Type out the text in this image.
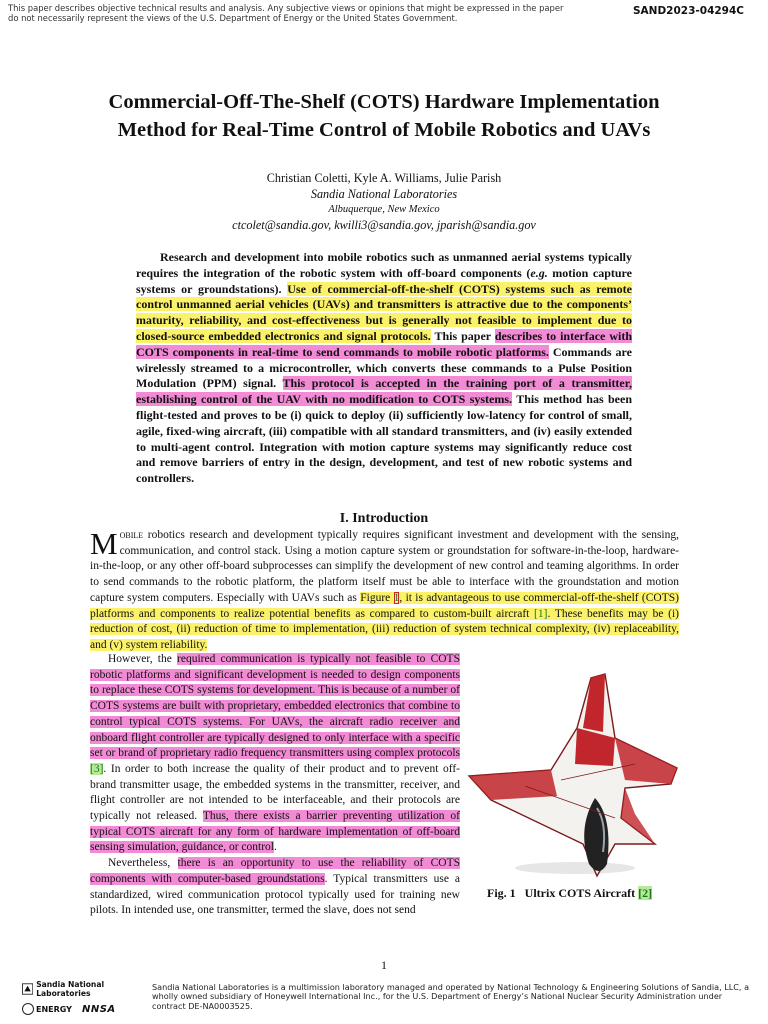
This paper describes objective technical results and analysis. Any subjective views or opinions that might be expressed in the paper do not necessarily represent the views of the U.S. Department of Energy or the United States Government.
SAND2023-04294C
Commercial-Off-The-Shelf (COTS) Hardware Implementation
Method for Real-Time Control of Mobile Robotics and UAVs
Christian Coletti, Kyle A. Williams, Julie Parish
Sandia National Laboratories
Albuquerque, New Mexico
ctcolet@sandia.gov, kwilli3@sandia.gov, jparish@sandia.gov
Research and development into mobile robotics such as unmanned aerial systems typically requires the integration of the robotic system with off-board components (e.g. motion capture systems or groundstations). Use of commercial-off-the-shelf (COTS) systems such as remote control unmanned aerial vehicles (UAVs) and transmitters is attractive due to the components’ maturity, reliability, and cost-effectiveness but is generally not feasible to implement due to closed-source embedded electronics and signal protocols. This paper describes to interface with COTS components in real-time to send commands to mobile robotic platforms. Commands are wirelessly streamed to a microcontroller, which converts these commands to a Pulse Position Modulation (PPM) signal. This protocol is accepted in the training port of a transmitter, establishing control of the UAV with no modification to COTS systems. This method has been flight-tested and proves to be (i) quick to deploy (ii) sufficiently low-latency for control of small, agile, fixed-wing aircraft, (iii) compatible with all standard transmitters, and (iv) easily extended to multi-agent control. Integration with motion capture systems may significantly reduce cost and remove barriers of entry in the design, development, and test of new robotic systems and controllers.
I. Introduction
Mobile robotics research and development typically requires significant investment and development with the sensing, communication, and control stack. Using a motion capture system or groundstation for software-in-the-loop, hardware-in-the-loop, or any other off-board subprocesses can simplify the development of new control and teaming algorithms. In order to send commands to the robotic platform, the platform itself must be able to interface with the groundstation and motion capture system computers. Especially with UAVs such as Figure 1, it is advantageous to use commercial-off-the-shelf (COTS) platforms and components to realize potential benefits as compared to custom-built aircraft [1]. These benefits may be (i) reduction of cost, (ii) reduction of time to implementation, (iii) reduction of system technical complexity, (iv) replaceability, and (v) system reliability.

However, the required communication is typically not feasible to COTS robotic platforms and significant development is needed to design components to replace these COTS systems for development. This is because of a number of COTS systems are built with proprietary, embedded electronics that combine to control typical COTS systems. For UAVs, the aircraft radio receiver and onboard flight controller are typically designed to only interface with a specific set or brand of proprietary radio frequency transmitters using complex protocols [3]. In order to both increase the quality of their product and to prevent off-brand transmitter usage, the embedded systems in the transmitter, receiver, and flight controller are not intended to be interfaceable, and their protocols are typically not released. Thus, there exists a barrier preventing utilization of typical COTS aircraft for any form of hardware implementation of off-board sensing simulation, guidance, or control.

Nevertheless, there is an opportunity to use the reliability of COTS components with computer-based groundstations. Typical transmitters use a standardized, wired communication protocol typically used for training new pilots. In intended use, one transmitter, termed the slave, does not send

Fig. 1 Ultrix COTS Aircraft [2]
1
Sandia National Laboratories
ENERGY NNSA
Sandia National Laboratories is a multimission laboratory managed and operated by National Technology & Engineering Solutions of Sandia, LLC, a wholly owned subsidiary of Honeywell International Inc., for the U.S. Department of Energy’s National Nuclear Security Administration under contract DE-NA0003525.
